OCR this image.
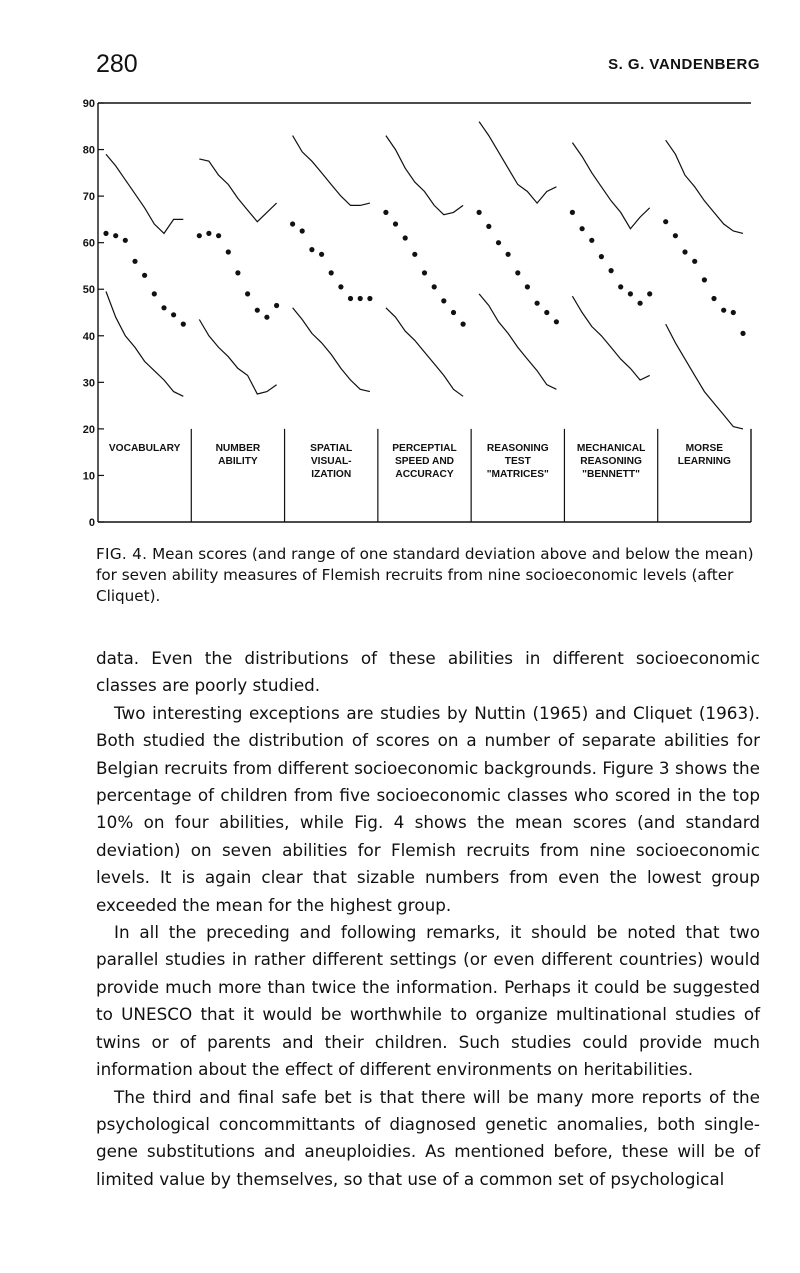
280	S. G. VANDENBERG
0
10
20
30
40
50
60
70
80
90
VOCABULARY	NUMBER
ABILITY
SPATIAL
VISUAL-
IZATION
PERCEPTIAL
SPEED AND
ACCURACY
REASONING
TEST
"MATRICES"
MECHANICAL
REASONING
"BENNETT"
MORSE
LEARNING

FIG. 4. Mean scores (and range of one standard deviation above and below the mean) for seven ability measures of Flemish recruits from nine socioeconomic levels (after Cliquet).

data. Even the distributions of these abilities in different socioeconomic classes are poorly studied.

Two interesting exceptions are studies by Nuttin (1965) and Cliquet (1963). Both studied the distribution of scores on a number of separate abilities for Belgian recruits from different socioeconomic backgrounds. Figure 3 shows the percentage of children from five socioeconomic classes who scored in the top 10% on four abilities, while Fig. 4 shows the mean scores (and standard deviation) on seven abilities for Flemish recruits from nine socioeconomic levels. It is again clear that sizable numbers from even the lowest group exceeded the mean for the highest group.

In all the preceding and following remarks, it should be noted that two parallel studies in rather different settings (or even different countries) would provide much more than twice the information. Perhaps it could be suggested to UNESCO that it would be worthwhile to organize multinational studies of twins or of parents and their children. Such studies could provide much information about the effect of different environments on heritabilities.

The third and final safe bet is that there will be many more reports of the psychological concommittants of diagnosed genetic anomalies, both single-gene substitutions and aneuploidies. As mentioned before, these will be of limited value by themselves, so that use of a common set of psychological
